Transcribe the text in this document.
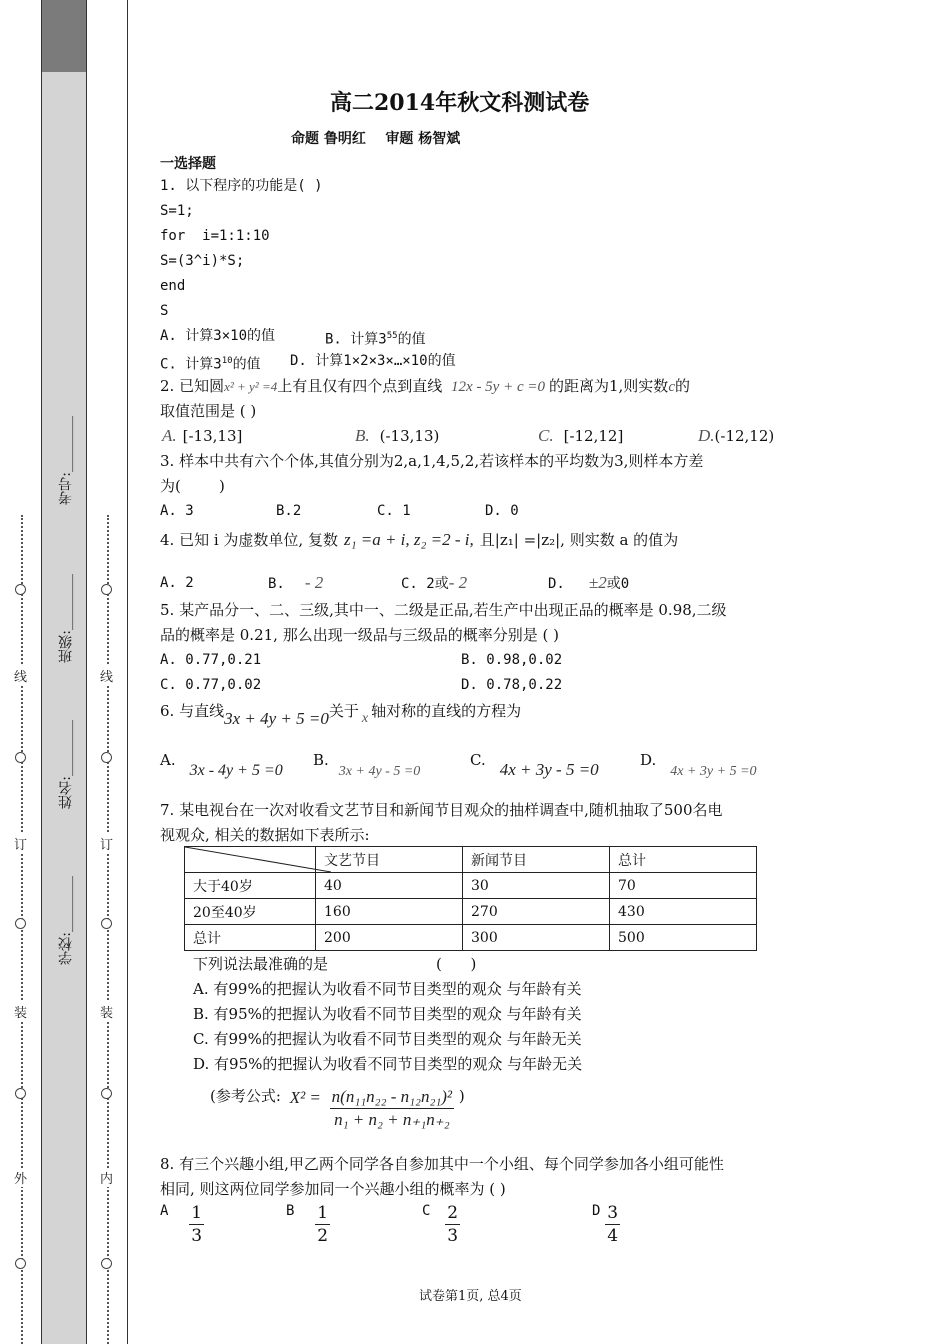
线
订
装
外
线
订
装
内
学校:________
姓名:________
班级:________
考号:________
高二2014年秋文科测试卷
命题 鲁明红    审题 杨智斌
一选择题
1. 以下程序的功能是( )
S=1;
for  i=1:1:10
S=(3^i)*S;
end
S
A. 计算3×10的值	B. 计算$3^{55}$的值
C. 计算$3^{10}$的值 D. 计算1×2×3×…×10的值
2. 已知圆x² + y² =4上有且仅有四个点到直线 12x - 5y + c =0 的距离为1,则实数c的
取值范围是 ( )
A. [-13,13]	B. (-13,13)	C. [-12,12]	D.(-12,12)
3. 样本中共有六个个体,其值分别为2,a,1,4,5,2,若该样本的平均数为3,则样本方差
为(        )
A. 3	B.2	C. 1	D. 0
4. 已知 i 为虚数单位, 复数 z₁ =a + i, z₂ =2 - i, 且|z₁| =|z₂|, 则实数 a 的值为
A. 2	B. - 2	C. 2或- 2	D. ±2或0
5. 某产品分一、二、三级,其中一、二级是正品,若生产中出现正品的概率是 0.98,二级
品的概率是 0.21, 那么出现一级品与三级品的概率分别是 ( )
A. 0.77,0.21	B. 0.98,0.02
C. 0.77,0.02	D. 0.78,0.22
6. 与直线3x + 4y + 5 =0关于 x 轴对称的直线的方程为
A.3x - 4y + 5 =0
B.3x + 4y - 5 =0
C. 4x + 3y - 5 =0	D.4x + 3y + 5 =0
7. 某电视台在一次对收看文艺节目和新闻节目观众的抽样调查中,随机抽取了500名电
视观众, 相关的数据如下表所示:
	文艺节目	新闻节目	总计
大于40岁	40	30	70
20至40岁	160	270	430
总计	200	300	500
下列说法最准确的是	(      )
A. 有99%的把握认为收看不同节目类型的观众 与年龄有关
B. 有95%的把握认为收看不同节目类型的观众 与年龄有关
C. 有99%的把握认为收看不同节目类型的观众 与年龄无关
D. 有95%的把握认为收看不同节目类型的观众 与年龄无关
(参考公式: $X^2 = \frac{\text{n(n₁₁n₂₂ - n₁₂n₂₁)²}}{\text{n₁ + n₂ + n₊₁n₊₂}}$ )
8. 有三个兴趣小组,甲乙两个同学各自参加其中一个小组、每个同学参加各小组可能性
相同, 则这两位同学参加同一个兴趣小组的概率为 ( )
A $\frac{1}{3}$	B $\frac{1}{2}$	C $\frac{2}{3}$	D $\frac{3}{4}$
试卷第1页, 总4页
